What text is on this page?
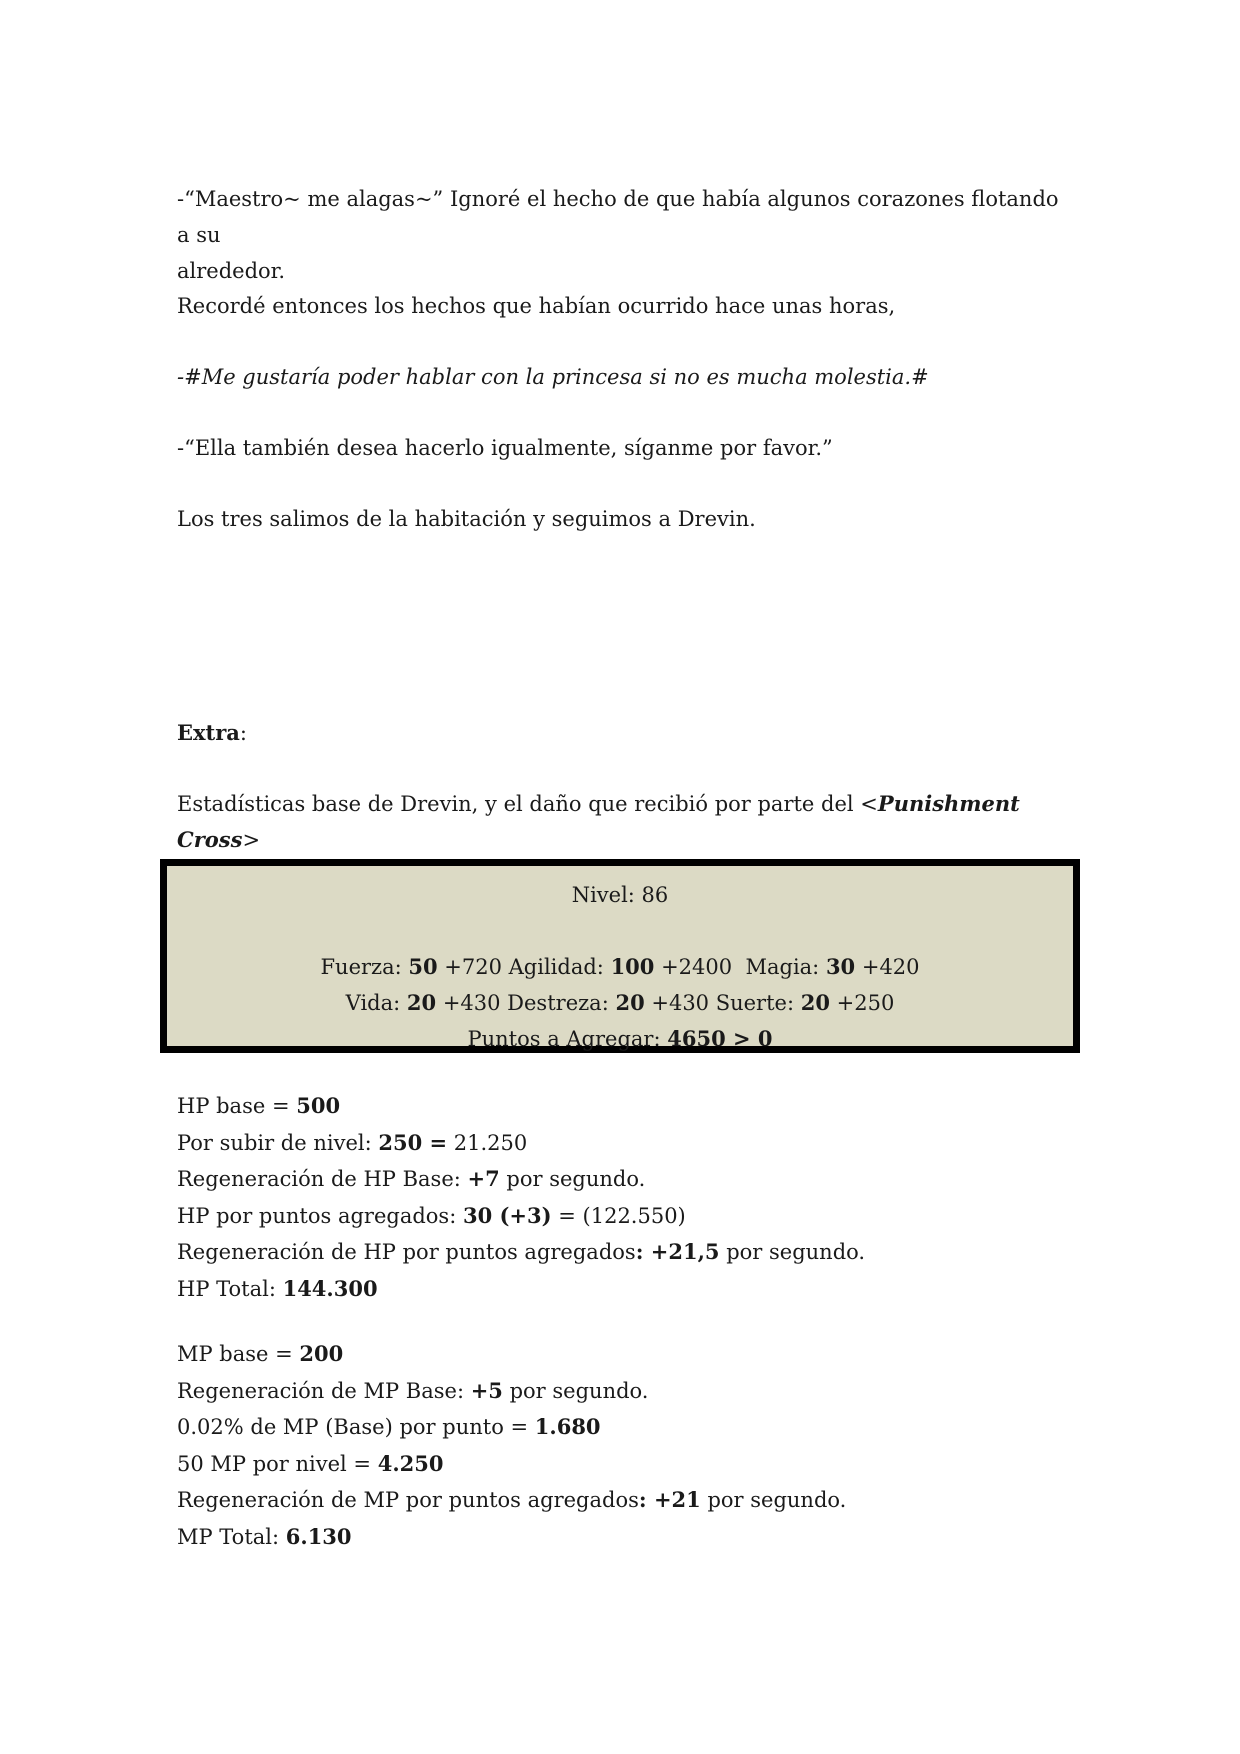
-“Maestro~ me alagas~” Ignoré el hecho de que había algunos corazones flotando a su
alrededor.

Recordé entonces los hechos que habían ocurrido hace unas horas,

-#Me gustaría poder hablar con la princesa si no es mucha molestia.#

-“Ella también desea hacerlo igualmente, síganme por favor.”

Los tres salimos de la habitación y seguimos a Drevin.

Extra:

Estadísticas base de Drevin, y el daño que recibió por parte del <Punishment Cross>

Nivel: 86
Fuerza: 50 +720 Agilidad: 100 +2400  Magia: 30 +420
Vida: 20 +430 Destreza: 20 +430 Suerte: 20 +250
Puntos a Agregar: 4650 > 0
HP base = 500
Por subir de nivel: 250 = 21.250
Regeneración de HP Base: +7 por segundo.
HP por puntos agregados: 30 (+3) = (122.550)
Regeneración de HP por puntos agregados: +21,5 por segundo.
HP Total: 144.300
MP base = 200
Regeneración de MP Base: +5 por segundo.
0.02% de MP (Base) por punto = 1.680
50 MP por nivel = 4.250
Regeneración de MP por puntos agregados: +21 por segundo.
MP Total: 6.130
